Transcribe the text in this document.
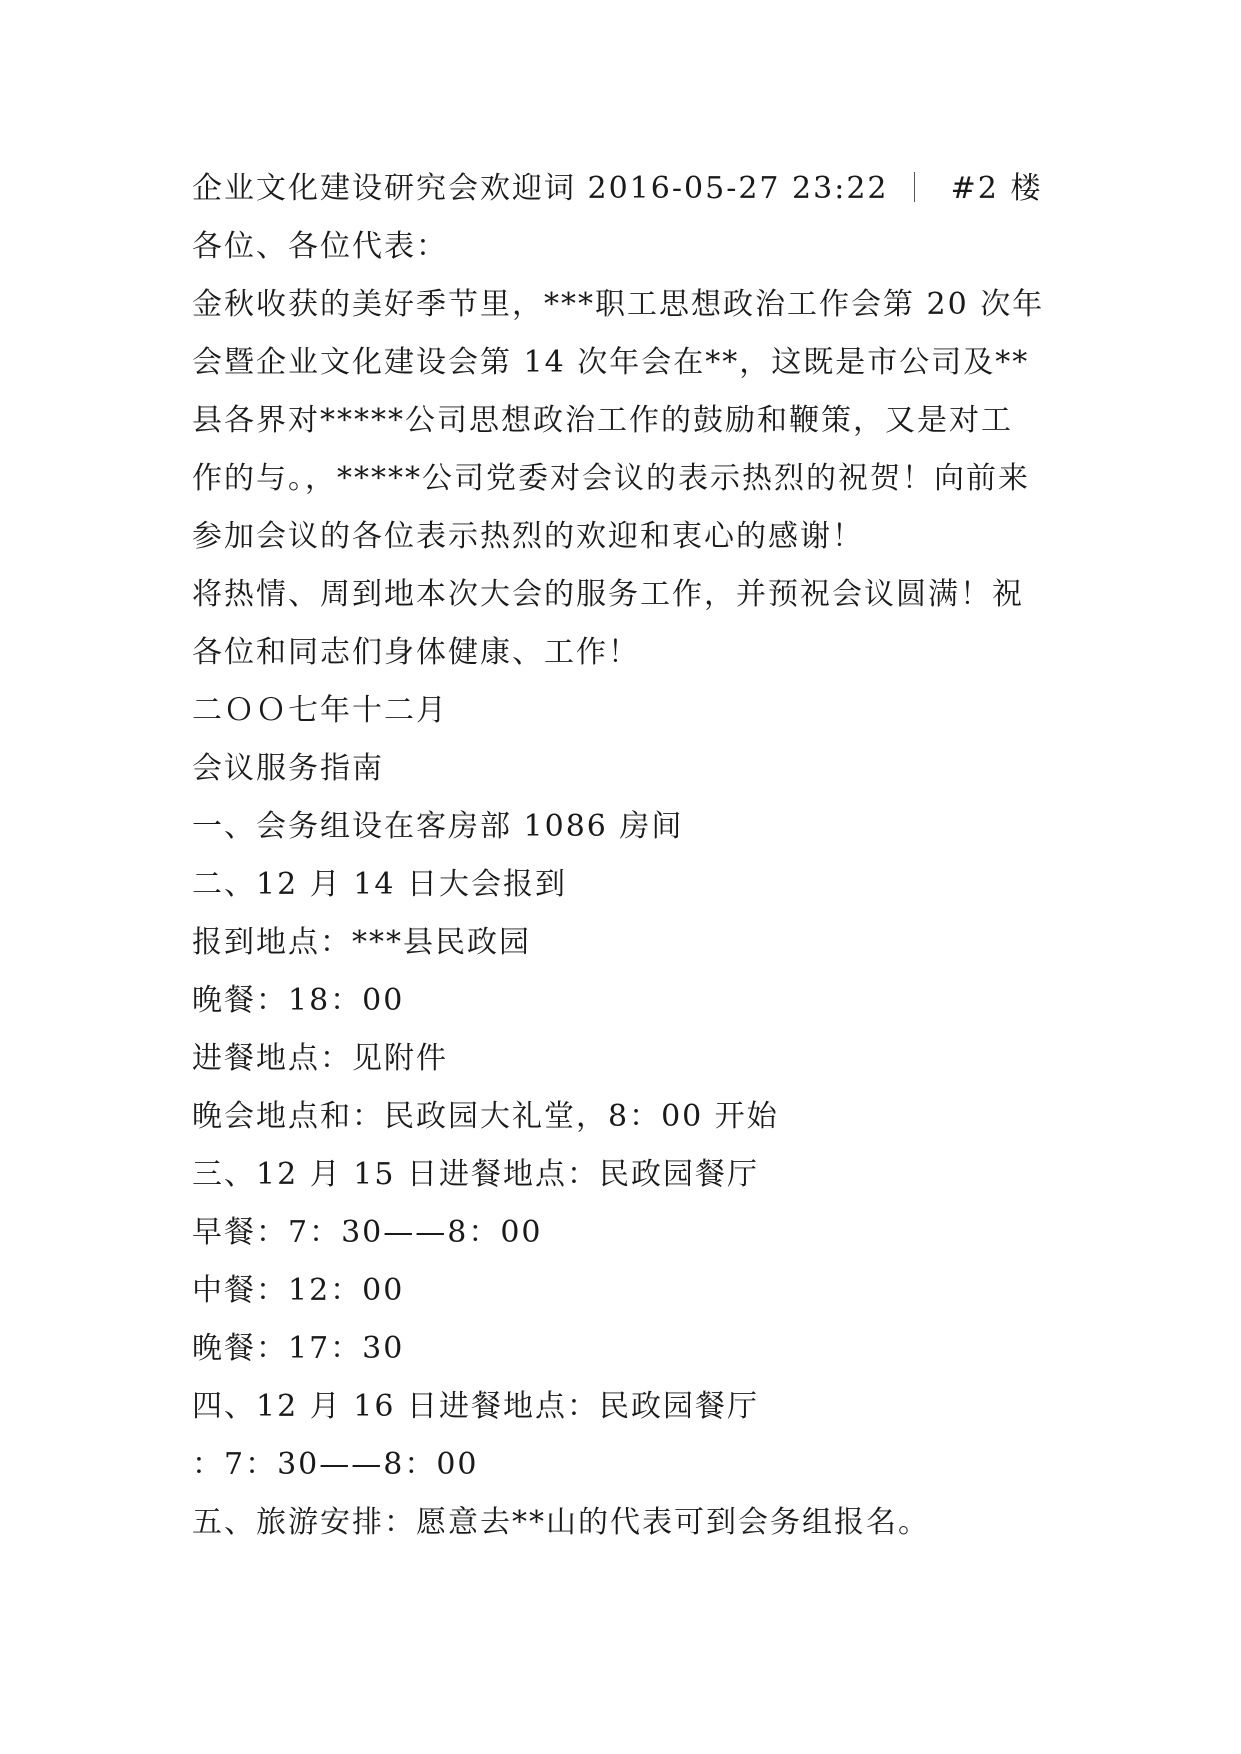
企业文化建设研究会欢迎词 2016-05-27 23:22 #2 楼
各位、各位代表：
金秋收获的美好季节里，***职工思想政治工作会第 20 次年
会暨企业文化建设会第 14 次年会在**，这既是市公司及**
县各界对*****公司思想政治工作的鼓励和鞭策，又是对工
作的与。，*****公司党委对会议的表示热烈的祝贺！向前来
参加会议的各位表示热烈的欢迎和衷心的感谢！
将热情、周到地本次大会的服务工作，并预祝会议圆满！祝
各位和同志们身体健康、工作！
二ＯＯ七年十二月
会议服务指南
一、会务组设在客房部 1086 房间
二、12 月 14 日大会报到
报到地点：***县民政园
晚餐：18：00
进餐地点：见附件
晚会地点和：民政园大礼堂，8：00 开始
三、12 月 15 日进餐地点：民政园餐厅
早餐：7：30——8：00
中餐：12：00
晚餐：17：30
四、12 月 16 日进餐地点：民政园餐厅
：7：30——8：00
五、旅游安排：愿意去**山的代表可到会务组报名。
